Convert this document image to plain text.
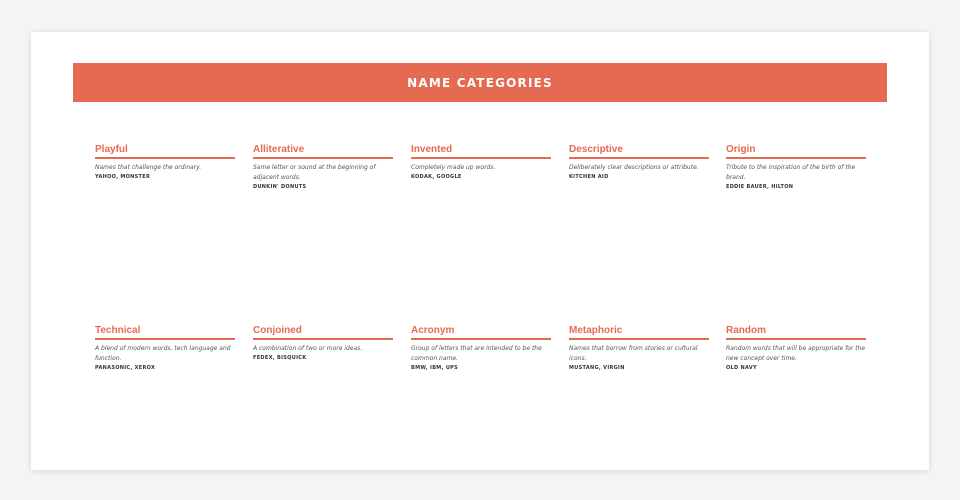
NAME CATEGORIES
Playful
Names that challenge the ordinary.
YAHOO, MONSTER
Alliterative
Same letter or sound at the beginning of adjacent words.
DUNKIN' DONUTS
Invented
Completely made up words.
KODAK, GOOGLE
Descriptive
Deliberately clear descriptions or attribute.
KITCHEN AID
Origin
Tribute to the inspiration of the birth of the brand.
EDDIE BAUER, HILTON
Technical
A blend of modern words, tech language and function.
PANASONIC, XEROX
Conjoined
A combination of two or more ideas.
FEDEX, BISQUICK
Acronym
Group of letters that are intended to be the common name.
BMW, IBM, UPS
Metaphoric
Names that borrow from stories or cultural icons.
MUSTANG, VIRGIN
Random
Random words that will be appropriate for the new concept over time.
OLD NAVY
